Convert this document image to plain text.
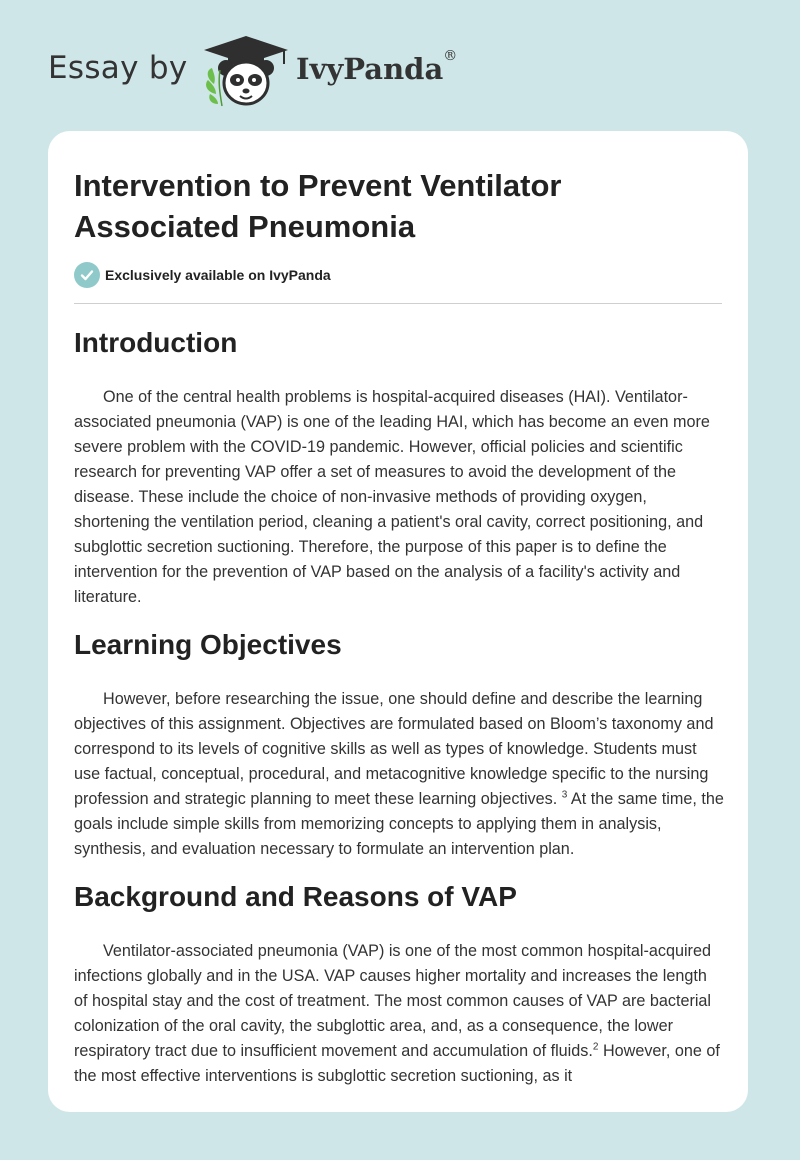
Essay by	IvyPanda®
Intervention to Prevent Ventilator Associated Pneumonia
Exclusively available on IvyPanda
Introduction

One of the central health problems is hospital-acquired diseases (HAI). Ventilator-associated pneumonia (VAP) is one of the leading HAI, which has become an even more severe problem with the COVID-19 pandemic. However, official policies and scientific research for preventing VAP offer a set of measures to avoid the development of the disease. These include the choice of non-invasive methods of providing oxygen, shortening the ventilation period, cleaning a patient's oral cavity, correct positioning, and subglottic secretion suctioning. Therefore, the purpose of this paper is to define the intervention for the prevention of VAP based on the analysis of a facility's activity and literature.

Learning Objectives

However, before researching the issue, one should define and describe the learning objectives of this assignment. Objectives are formulated based on Bloom’s taxonomy and correspond to its levels of cognitive skills as well as types of knowledge. Students must use factual, conceptual, procedural, and metacognitive knowledge specific to the nursing profession and strategic planning to meet these learning objectives. $^3$ At the same time, the goals include simple skills from memorizing concepts to applying them in analysis, synthesis, and evaluation necessary to formulate an intervention plan.

Background and Reasons of VAP

Ventilator-associated pneumonia (VAP) is one of the most common hospital-acquired infections globally and in the USA. VAP causes higher mortality and increases the length of hospital stay and the cost of treatment. The most common causes of VAP are bacterial colonization of the oral cavity, the subglottic area, and, as a consequence, the lower respiratory tract due to insufficient movement and accumulation of fluids.$^2$ However, one of the most effective interventions is subglottic secretion suctioning, as it
